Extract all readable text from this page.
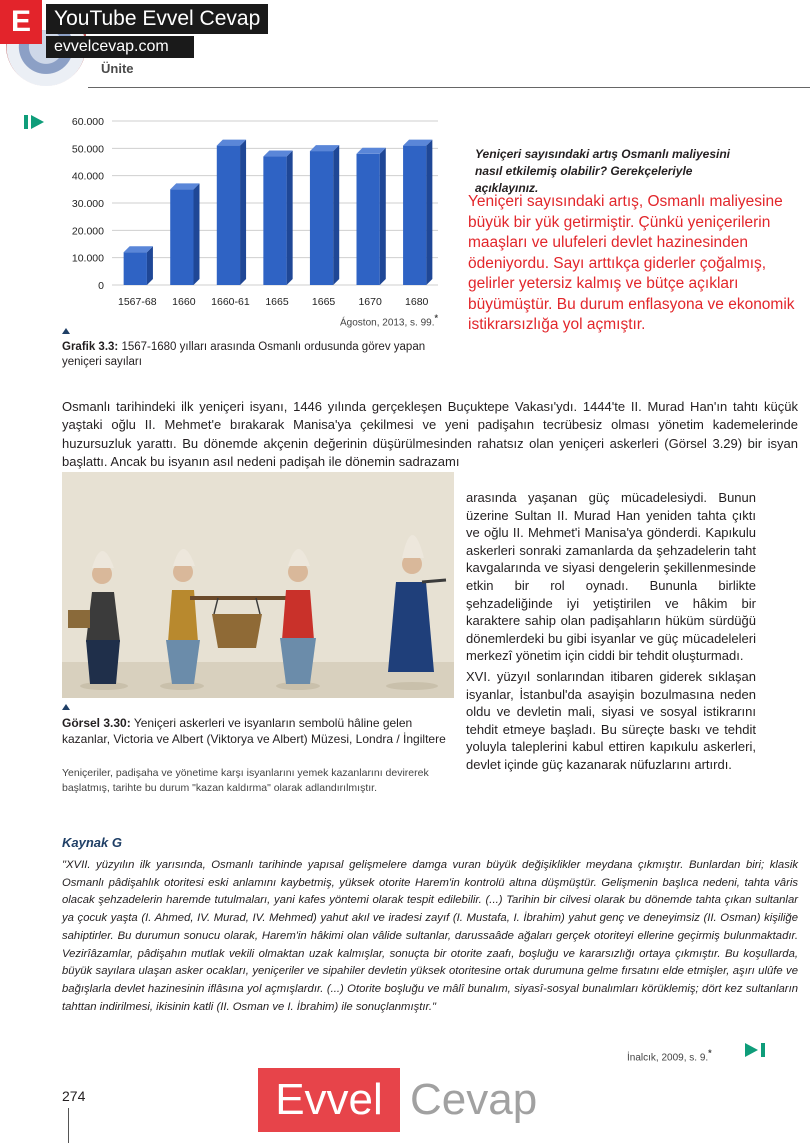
E	YouTube Evvel Cevap
evvelcevap.com
Ünite
0
10.000
20.000
30.000
40.000
50.000
60.000
1567-68 1660 1660-61 1665 1665 1670 1680
Ágoston, 2013, s. 99.*
Grafik 3.3: 1567-1680 yılları arasında Osmanlı ordusunda görev yapan yeniçeri sayıları
Yeniçeri sayısındaki artış Osmanlı maliyesini nasıl etkilemiş olabilir? Gerekçeleriyle açıklayınız.
Yeniçeri sayısındaki artış, Osmanlı maliyesine büyük bir yük getirmiştir. Çünkü yeniçerilerin maaşları ve ulufeleri devlet hazinesinden ödeniyordu. Sayı arttıkça giderler çoğalmış, gelirler yetersiz kalmış ve bütçe açıkları büyümüştür. Bu durum enflasyona ve ekonomik istikrarsızlığa yol açmıştır.
Osmanlı tarihindeki ilk yeniçeri isyanı, 1446 yılında gerçekleşen Buçuktepe Vakası'ydı. 1444'te II. Murad Han'ın tahtı küçük yaştaki oğlu II. Mehmet'e bırakarak Manisa'ya çekilmesi ve yeni padişahın tecrübesiz olması yönetim kademelerinde huzursuzluk yarattı. Bu dönemde akçenin değerinin düşürülmesinden rahatsız olan yeniçeri askerleri (Görsel 3.29) bir isyan başlattı. Ancak bu isyanın asıl nedeni padişah ile dönemin sadrazamı
Görsel 3.30: Yeniçeri askerleri ve isyanların sembolü hâline gelen kazanlar, Victoria ve Albert (Viktorya ve Albert) Müzesi, Londra / İngiltere
Yeniçeriler, padişaha ve yönetime karşı isyanlarını yemek kazanlarını devirerek başlatmış, tarihte bu durum "kazan kaldırma" olarak adlandırılmıştır.

arasında yaşanan güç mücadelesiydi. Bunun üzerine Sultan II. Murad Han yeniden tahta çıktı ve oğlu II. Mehmet'i Manisa'ya gönderdi. Kapıkulu askerleri sonraki zamanlarda da şehzadelerin taht kavgalarında ve siyasi dengelerin şekillenmesinde etkin bir rol oynadı. Bununla birlikte şehzadeliğinde iyi yetiştirilen ve hâkim bir karaktere sahip olan padişahların hüküm sürdüğü dönemlerdeki bu gibi isyanlar ve güç mücadeleleri merkezî yönetim için ciddi bir tehdit oluşturmadı.

XVI. yüzyıl sonlarından itibaren giderek sıklaşan isyanlar, İstanbul'da asayişin bozulmasına neden oldu ve devletin mali, siyasi ve sosyal istikrarını tehdit etmeye başladı. Bu süreçte baskı ve tehdit yoluyla taleplerini kabul ettiren kapıkulu askerleri, devlet içinde güç kazanarak nüfuzlarını artırdı.

Kaynak G
"XVII. yüzyılın ilk yarısında, Osmanlı tarihinde yapısal gelişmelere damga vuran büyük değişiklikler meydana çıkmıştır. Bunlardan biri; klasik Osmanlı pâdişahlık otoritesi eski anlamını kaybetmiş, yüksek otorite Harem'in kontrolü altına düşmüştür. Gelişmenin başlıca nedeni, tahta vâris olacak şehzadelerin haremde tutulmaları, yani kafes yöntemi olarak tespit edilebilir. (...) Tarihin bir cilvesi olarak bu dönemde tahta çıkan sultanlar ya çocuk yaşta (I. Ahmed, IV. Murad, IV. Mehmed) yahut akıl ve iradesi zayıf (I. Mustafa, I. İbrahim) yahut genç ve deneyimsiz (II. Osman) kişiliğe sahiptirler. Bu durumun sonucu olarak, Harem'in hâkimi olan vâlide sultanlar, darussaâde ağaları gerçek otoriteyi ellerine geçirmiş bulunmaktadır. Vezirîâzamlar, pâdişahın mutlak vekili olmaktan uzak kalmışlar, sonuçta bir otorite zaafı, boşluğu ve kararsızlığı ortaya çıkmıştır. Bu koşullarda, büyük sayılara ulaşan asker ocakları, yeniçeriler ve sipahiler devletin yüksek otoritesine ortak durumuna gelme fırsatını elde etmişler, aşırı ulûfe ve bağışlarla devlet hazinesinin iflâsına yol açmışlardır. (...) Otorite boşluğu ve mâlî bunalım, siyasî-sosyal bunalımları körüklemiş; dört kez sultanların tahttan indirilmesi, ikisinin katli (II. Osman ve I. İbrahim) ile sonuçlanmıştır."
İnalcık, 2009, s. 9.*
274	Evvel Cevap
